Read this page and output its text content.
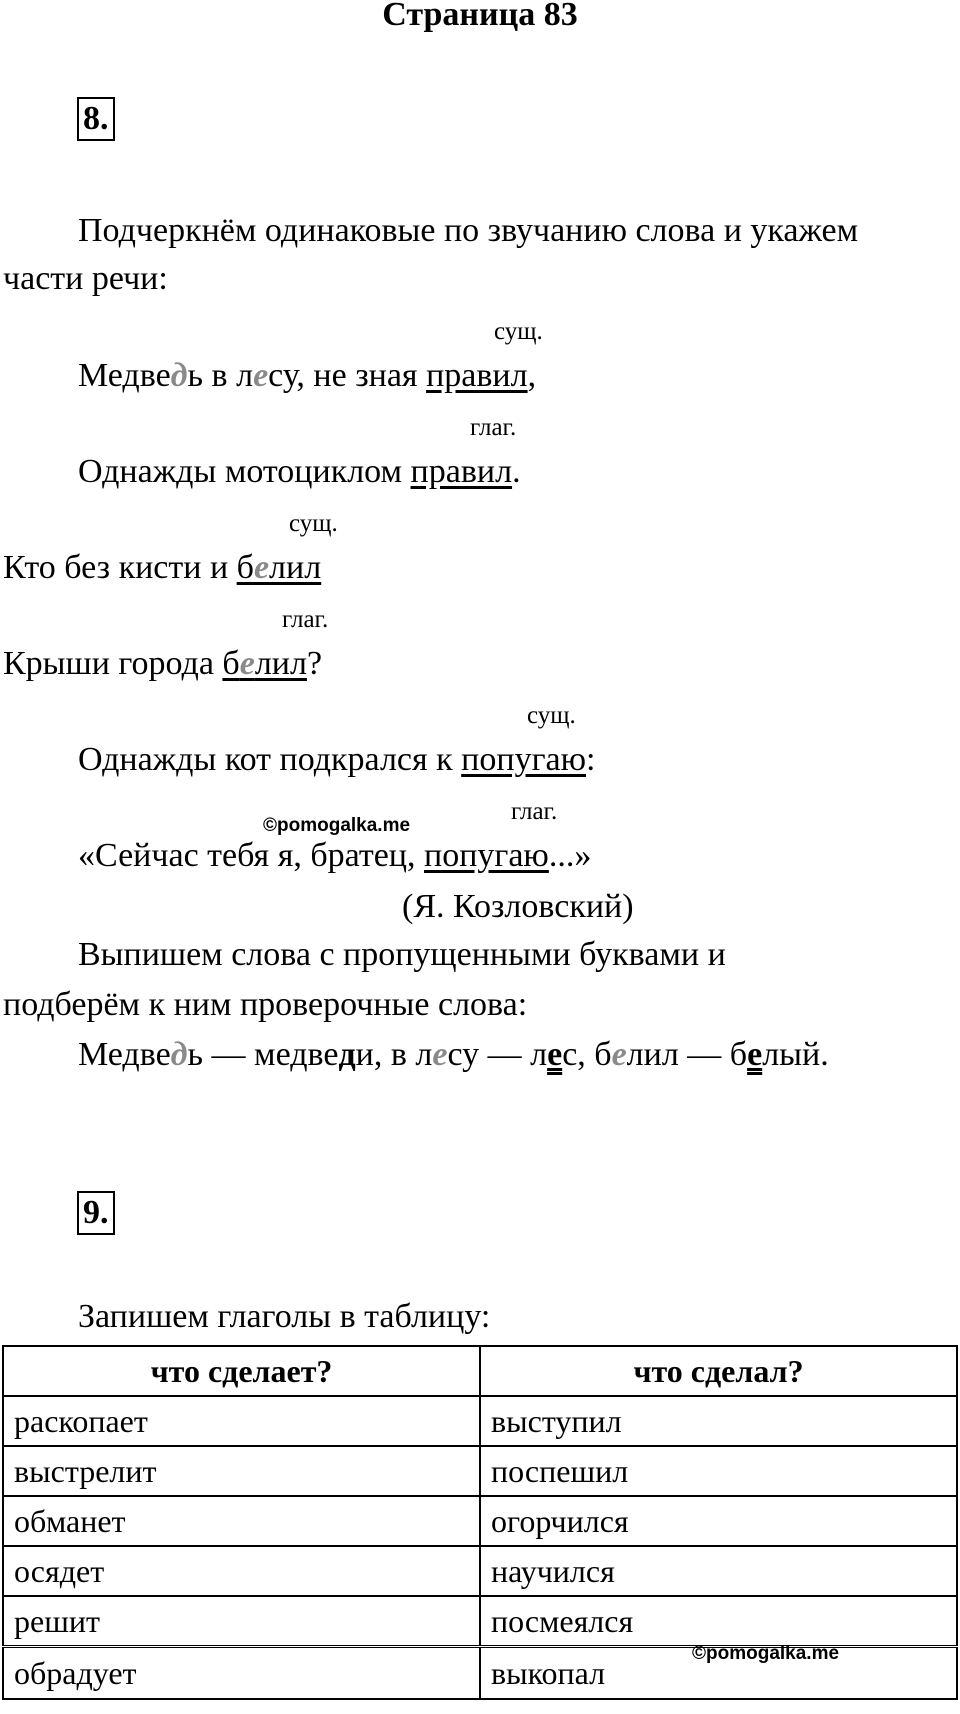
Страница 83
8.
Подчеркнём одинаковые по звучанию слова и укажем
части речи:
сущ.
Медведь в лесу, не зная правил,
глаг.
Однажды мотоциклом правил.
сущ.
Кто без кисти и белил
глаг.
Крыши города белил?
сущ.
Однажды кот подкрался к попугаю:
©pomogalka.me
глаг.
«Сейчас тебя я, братец, попугаю...»
(Я. Козловский)
Выпишем слова с пропущенными буквами и
подберём к ним проверочные слова:
Медведь — медведи, в лесу — лес, белил — белый.
9.
Запишем глаголы в таблицу:
что сделает?	что сделал?
раскопает	выступил
выстрелит	поспешил
обманет	огорчился
осядет	научился
решит	посмеялся
обрадует	выкопал
©pomogalka.me
